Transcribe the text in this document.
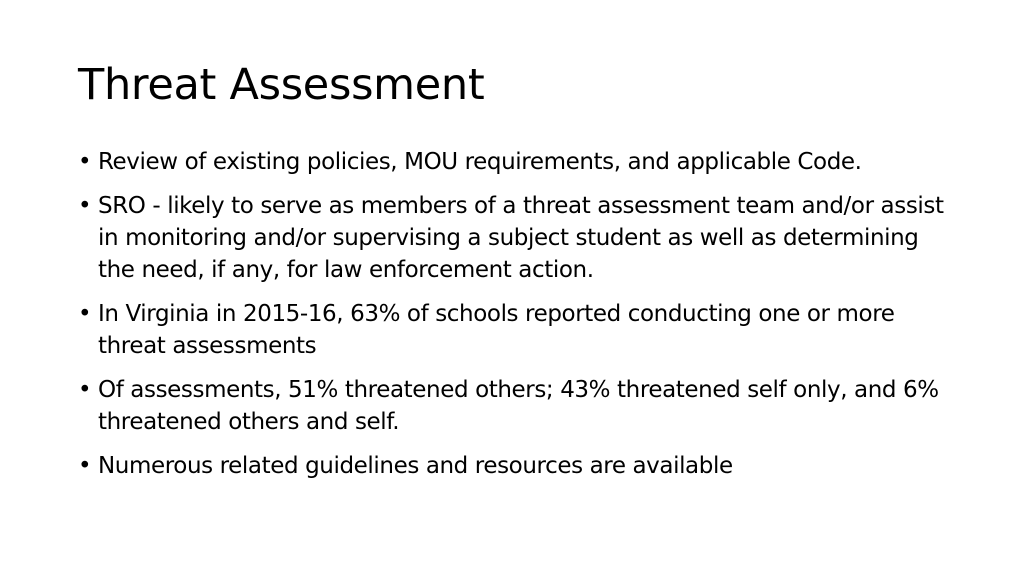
Threat Assessment
• Review of existing policies, MOU requirements, and applicable Code.
• SRO - likely to serve as members of a threat assessment team and/or assist in monitoring and/or supervising a subject student as well as determining the need, if any, for law enforcement action.
• In Virginia in 2015-16, 63% of schools reported conducting one or more threat assessments
• Of assessments, 51% threatened others; 43% threatened self only, and 6% threatened others and self.
• Numerous related guidelines and resources are available
